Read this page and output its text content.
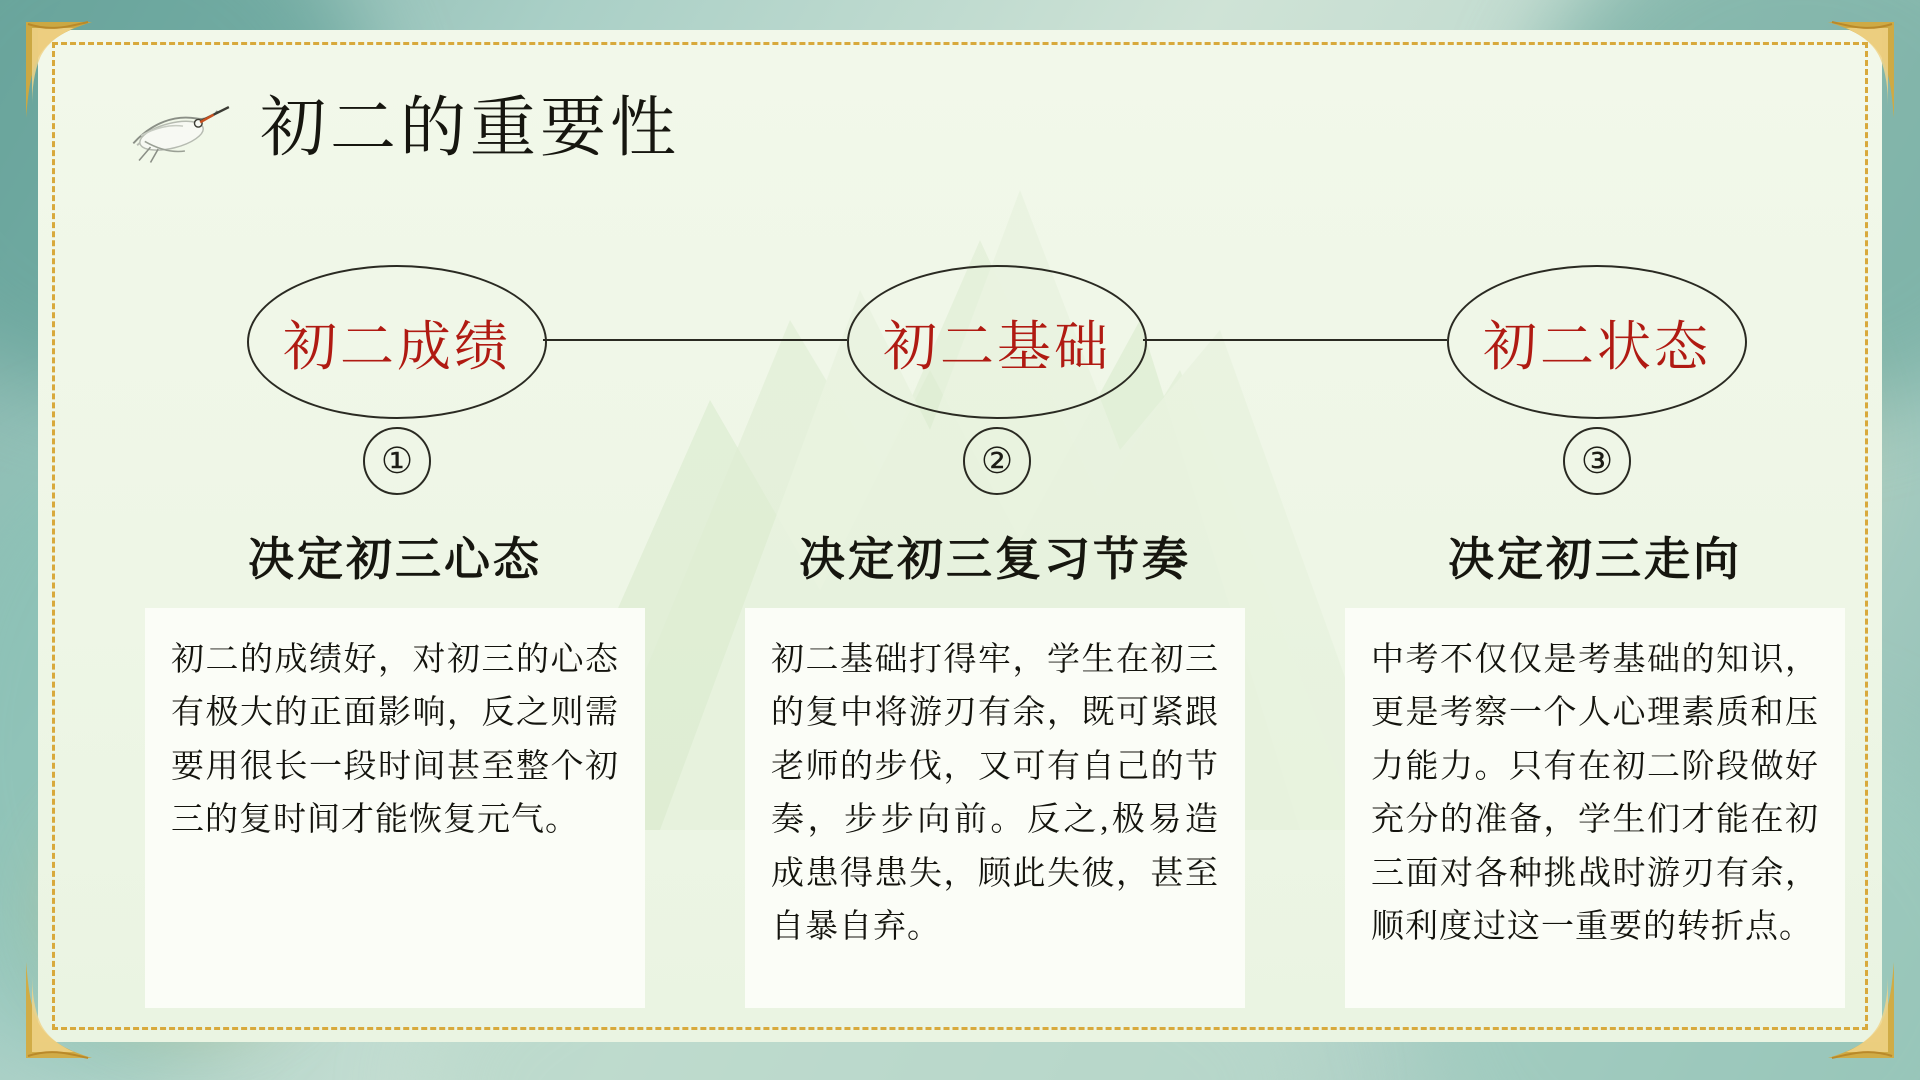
初二的重要性
初二成绩	初二基础	初二状态
①	②	③
决定初三心态	决定初三复习节奏	决定初三走向
初二的成绩好，对初三的心态有极大的正面影响，反之则需要用很长一段时间甚至整个初三的复时间才能恢复元气。
初二基础打得牢，学生在初三的复中将游刃有余，既可紧跟老师的步伐，又可有自己的节奏，步步向前。反之,极易造成患得患失，顾此失彼，甚至自暴自弃。
中考不仅仅是考基础的知识，更是考察一个人心理素质和压力能力。只有在初二阶段做好充分的准备，学生们才能在初三面对各种挑战时游刃有余，顺利度过这一重要的转折点。
